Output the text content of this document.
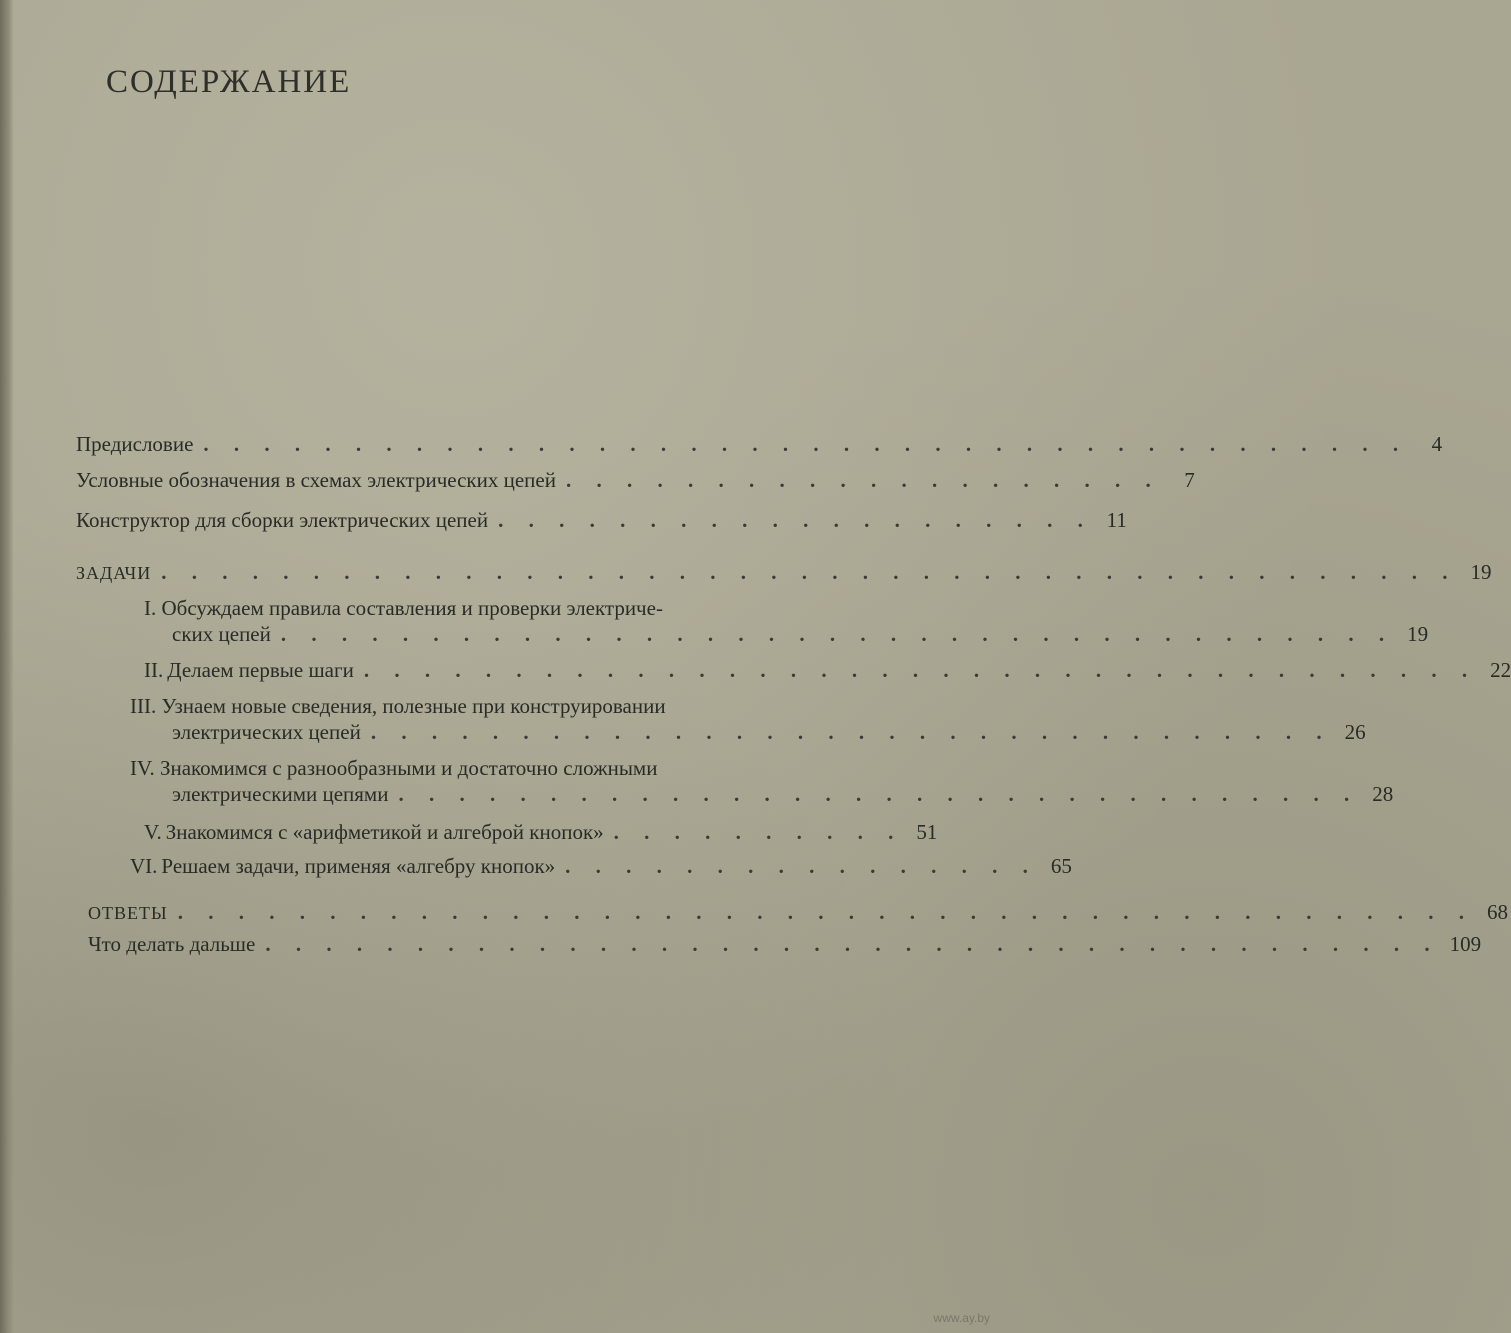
СОДЕРЖАНИЕ
Предисловие . . . . . . . . . . . . . . . . . . . . . . . . . . . . . . . . . . . . . . . .	4
Условные обозначения в схемах электрических цепей . . . . . . . . . . . . . . . . . . . .	7
Конструктор для сборки электрических цепей . . . . . . . . . . . . . . . . . . . . 11
ЗАДАЧИ . . . . . . . . . . . . . . . . . . . . . . . . . . . . . . . . . . . . . . . . . . . 19
I. Обсуждаем правила составления и проверки электриче-
ских цепей . . . . . . . . . . . . . . . . . . . . . . . . . . . . . . . . . . . . . 19
II. Делаем первые шаги . . . . . . . . . . . . . . . . . . . . . . . . . . . . . . . . . . . . . 22
III. Узнаем новые сведения, полезные при конструировании
электрических цепей . . . . . . . . . . . . . . . . . . . . . . . . . . . . . . . . 26
IV. Знакомимся с разнообразными и достаточно сложными
электрическими цепями . . . . . . . . . . . . . . . . . . . . . . . . . . . . . . . . 28
V. Знакомимся с «арифметикой и алгеброй кнопок» . . . . . . . . . . 51
VI. Решаем задачи, применяя «алгебру кнопок» . . . . . . . . . . . . . . . . 65
ОТВЕТЫ . . . . . . . . . . . . . . . . . . . . . . . . . . . . . . . . . . . . . . . . . . . 68
Что делать дальше . . . . . . . . . . . . . . . . . . . . . . . . . . . . . . . . . . . . . . . 109
www.ay.by
